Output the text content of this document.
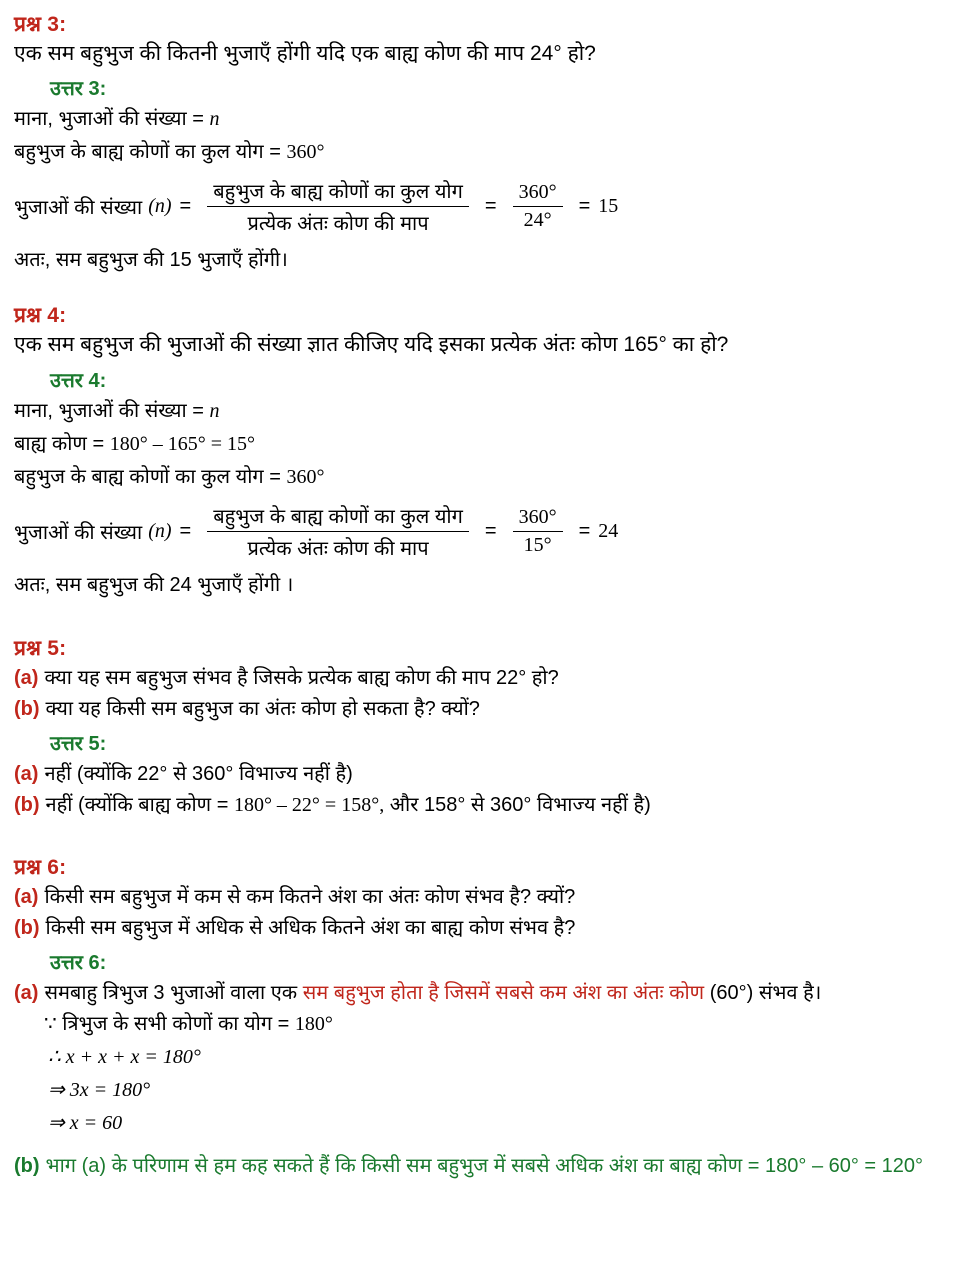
प्रश्न 3:
एक सम बहुभुज की कितनी भुजाएँ होंगी यदि एक बाह्य कोण की माप 24° हो?
उत्तर 3:
माना, भुजाओं की संख्या = n
बहुभुज के बाह्य कोणों का कुल योग = 360°
भुजाओं की संख्या $(n) = \frac{\text{बहुभुज के बाह्य कोणों का कुल योग}}{\text{प्रत्येक अंतः कोण की माप}} = \frac{360^\circ}{24^\circ} = 15$
अतः, सम बहुभुज की 15 भुजाएँ होंगी।
प्रश्न 4:
एक सम बहुभुज की भुजाओं की संख्या ज्ञात कीजिए यदि इसका प्रत्येक अंतः कोण 165° का हो?
उत्तर 4:
माना, भुजाओं की संख्या = n
बाह्य कोण = 180° – 165° = 15°
बहुभुज के बाह्य कोणों का कुल योग = 360°
भुजाओं की संख्या $(n) = \frac{\text{बहुभुज के बाह्य कोणों का कुल योग}}{\text{प्रत्येक अंतः कोण की माप}} = \frac{360^\circ}{15^\circ} = 24$
अतः, सम बहुभुज की 24 भुजाएँ होंगी ।
प्रश्न 5:
(a) क्या यह सम बहुभुज संभव है जिसके प्रत्येक बाह्य कोण की माप 22° हो?
(b) क्या यह किसी सम बहुभुज का अंतः कोण हो सकता है? क्यों?
उत्तर 5:
(a) नहीं (क्योंकि 22° से 360° विभाज्य नहीं है)
(b) नहीं (क्योंकि बाह्य कोण = 180° – 22° = 158°, और 158° से 360° विभाज्य नहीं है)
प्रश्न 6:
(a) किसी सम बहुभुज में कम से कम कितने अंश का अंतः कोण संभव है? क्यों?
(b) किसी सम बहुभुज में अधिक से अधिक कितने अंश का बाह्य कोण संभव है?
उत्तर 6:
(a) समबाहु त्रिभुज 3 भुजाओं वाला एक सम बहुभुज होता है जिसमें सबसे कम अंश का अंतः कोण (60°) संभव है।
∵ त्रिभुज के सभी कोणों का योग = 180°
∴ x + x + x = 180°
⇒ 3x = 180°
⇒ x = 60
(b) भाग (a) के परिणाम से हम कह सकते हैं कि किसी सम बहुभुज में सबसे अधिक अंश का बाह्य कोण = 180° – 60° = 120°
